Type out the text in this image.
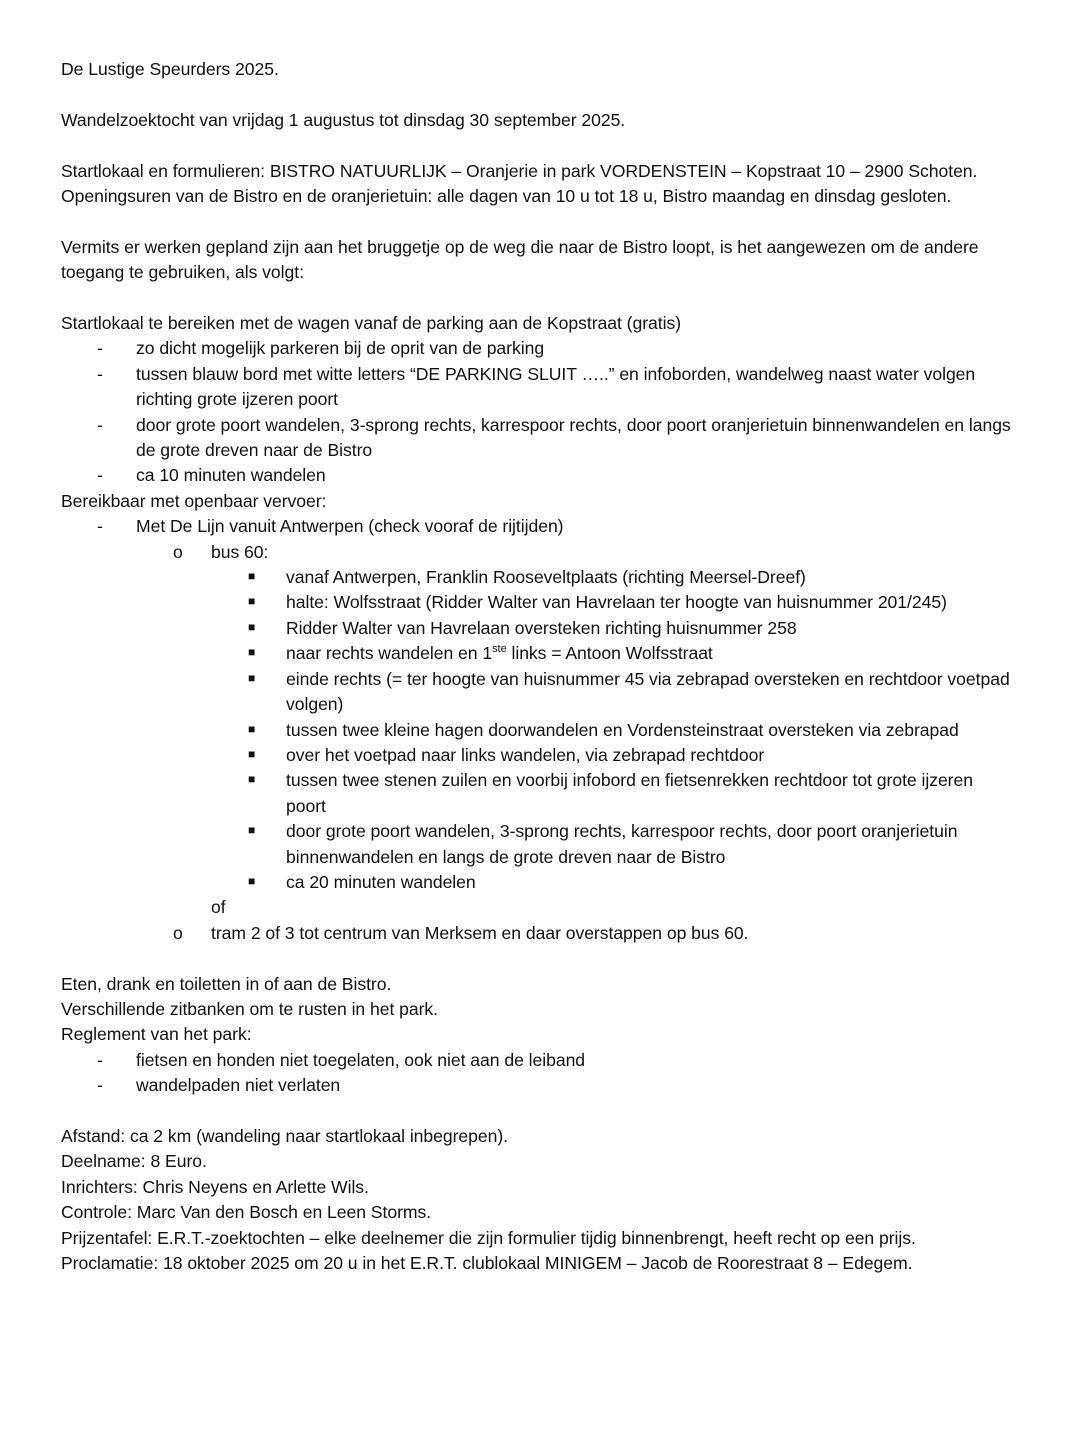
De Lustige Speurders 2025.

Wandelzoektocht van vrijdag 1 augustus tot dinsdag 30 september 2025.

Startlokaal en formulieren: BISTRO NATUURLIJK – Oranjerie in park VORDENSTEIN – Kopstraat 10 – 2900 Schoten.

Openingsuren van de Bistro en de oranjerietuin: alle dagen van 10 u tot 18 u, Bistro maandag en dinsdag gesloten.

Vermits er werken gepland zijn aan het bruggetje op de weg die naar de Bistro loopt, is het aangewezen om de andere toegang te gebruiken, als volgt:

Startlokaal te bereiken met de wagen vanaf de parking aan de Kopstraat (gratis)

- zo dicht mogelijk parkeren bij de oprit van de parking
- tussen blauw bord met witte letters “DE PARKING SLUIT …..” en infoborden, wandelweg naast water volgen richting grote ijzeren poort
- door grote poort wandelen, 3-sprong rechts, karrespoor rechts, door poort oranjerietuin binnenwandelen en langs de grote dreven naar de Bistro
- ca 10 minuten wandelen

Bereikbaar met openbaar vervoer:

- Met De Lijn vanuit Antwerpen (check vooraf de rijtijden)
o bus 60:
■ vanaf Antwerpen, Franklin Rooseveltplaats (richting Meersel-Dreef)
■ halte: Wolfsstraat (Ridder Walter van Havrelaan ter hoogte van huisnummer 201/245)
■ Ridder Walter van Havrelaan oversteken richting huisnummer 258
■ naar rechts wandelen en 1ste links = Antoon Wolfsstraat
■ einde rechts (= ter hoogte van huisnummer 45 via zebrapad oversteken en rechtdoor voetpad volgen)
■ tussen twee kleine hagen doorwandelen en Vordensteinstraat oversteken via zebrapad
■ over het voetpad naar links wandelen, via zebrapad rechtdoor
■ tussen twee stenen zuilen en voorbij infobord en fietsenrekken rechtdoor tot grote ijzeren poort
■ door grote poort wandelen, 3-sprong rechts, karrespoor rechts, door poort oranjerietuin binnenwandelen en langs de grote dreven naar de Bistro
■ ca 20 minuten wandelen

of

o tram 2 of 3 tot centrum van Merksem en daar overstappen op bus 60.

Eten, drank en toiletten in of aan de Bistro.

Verschillende zitbanken om te rusten in het park.

Reglement van het park:

- fietsen en honden niet toegelaten, ook niet aan de leiband
- wandelpaden niet verlaten

Afstand: ca 2 km (wandeling naar startlokaal inbegrepen).

Deelname: 8 Euro.

Inrichters: Chris Neyens en Arlette Wils.

Controle: Marc Van den Bosch en Leen Storms.

Prijzentafel: E.R.T.-zoektochten – elke deelnemer die zijn formulier tijdig binnenbrengt, heeft recht op een prijs.

Proclamatie: 18 oktober 2025 om 20 u in het E.R.T. clublokaal MINIGEM – Jacob de Roorestraat 8 – Edegem.
